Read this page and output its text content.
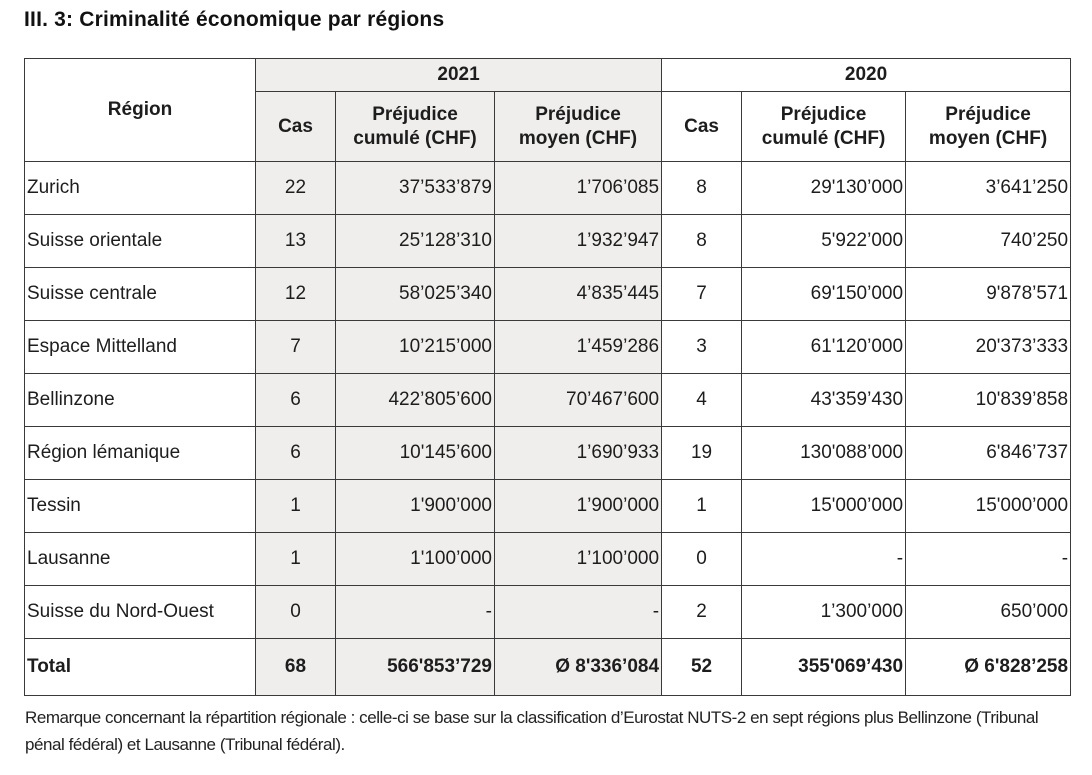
III. 3: Criminalité économique par régions
Région	2021			2020		
	Cas	Préjudice cumulé (CHF)	Préjudice moyen (CHF)	Cas	Préjudice cumulé (CHF)	Préjudice moyen (CHF)
Zurich	22	37’533’879	1’706’085	8	29'130’000	3’641’250
Suisse orientale	13	25’128’310	1’932’947	8	5'922’000	740’250
Suisse centrale	12	58’025’340	4’835’445	7	69'150’000	9'878’571
Espace Mittelland	7	10’215’000	1’459’286	3	61'120’000	20'373’333
Bellinzone	6	422’805’600	70’467’600	4	43'359’430	10'839’858
Région lémanique	6	10'145’600	1’690’933	19	130'088’000	6'846’737
Tessin	1	1'900’000	1’900’000	1	15'000’000	15'000’000
Lausanne	1	1'100’000	1’100’000	0	-	-
Suisse du Nord-Ouest	0	-	-	2	1’300’000	650’000
Total	68	566'853’729	Ø 8'336’084	52	355'069’430	Ø 6'828’258

Remarque concernant la répartition régionale : celle-ci se base sur la classification d’Eurostat NUTS-2 en sept régions plus Bellinzone (Tribunal pénal fédéral) et Lausanne (Tribunal fédéral).
